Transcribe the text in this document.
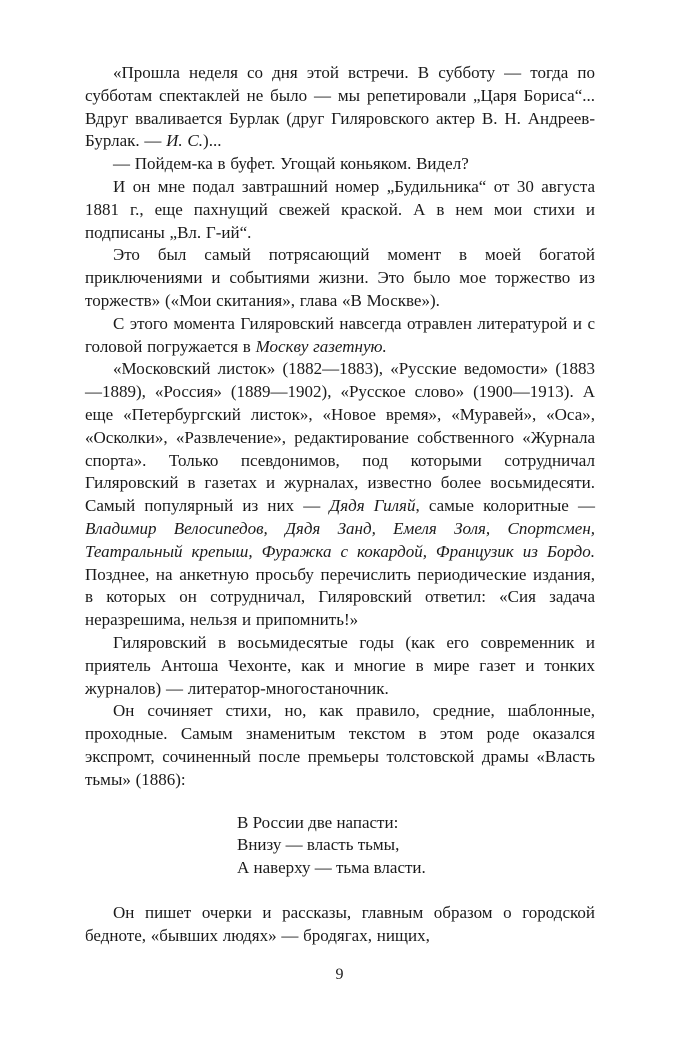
«Прошла неделя со дня этой встречи. В субботу — тогда по субботам спектаклей не было — мы репетировали „Царя Бориса“... Вдруг вваливается Бурлак (друг Гиляровского актер В. Н. Андреев-Бурлак. — И. С.)...

— Пойдем-ка в буфет. Угощай коньяком. Видел?

И он мне подал завтрашний номер „Будильника“ от 30 августа 1881 г., еще пахнущий свежей краской. А в нем мои стихи и подписаны „Вл. Г-ий“.

Это был самый потрясающий момент в моей богатой приключениями и событиями жизни. Это было мое торжество из торжеств» («Мои скитания», глава «В Москве»).

С этого момента Гиляровский навсегда отравлен литературой и с головой погружается в Москву газетную.

«Московский листок» (1882—1883), «Русские ведомости» (1883—1889), «Россия» (1889—1902), «Русское слово» (1900—1913). А еще «Петербургский листок», «Новое время», «Муравей», «Оса», «Осколки», «Развлечение», редактирование собственного «Журнала спорта». Только псевдонимов, под которыми сотрудничал Гиляровский в газетах и журналах, известно более восьмидесяти. Самый популярный из них — Дядя Гиляй, самые колоритные — Владимир Велосипедов, Дядя Занд, Емеля Золя, Спортсмен, Театральный крепыш, Фуражка с кокардой, Французик из Бордо. Позднее, на анкетную просьбу перечислить периодические издания, в которых он сотрудничал, Гиляровский ответил: «Сия задача неразрешима, нельзя и припомнить!»

Гиляровский в восьмидесятые годы (как его современник и приятель Антоша Чехонте, как и многие в мире газет и тонких журналов) — литератор-многостаночник.

Он сочиняет стихи, но, как правило, средние, шаблонные, проходные. Самым знаменитым текстом в этом роде оказался экспромт, сочиненный после премьеры толстовской драмы «Власть тьмы» (1886):

В России две напасти:
Внизу — власть тьмы,
А наверху — тьма власти.

Он пишет очерки и рассказы, главным образом о городской бедноте, «бывших людях» — бродягах, нищих,

9
